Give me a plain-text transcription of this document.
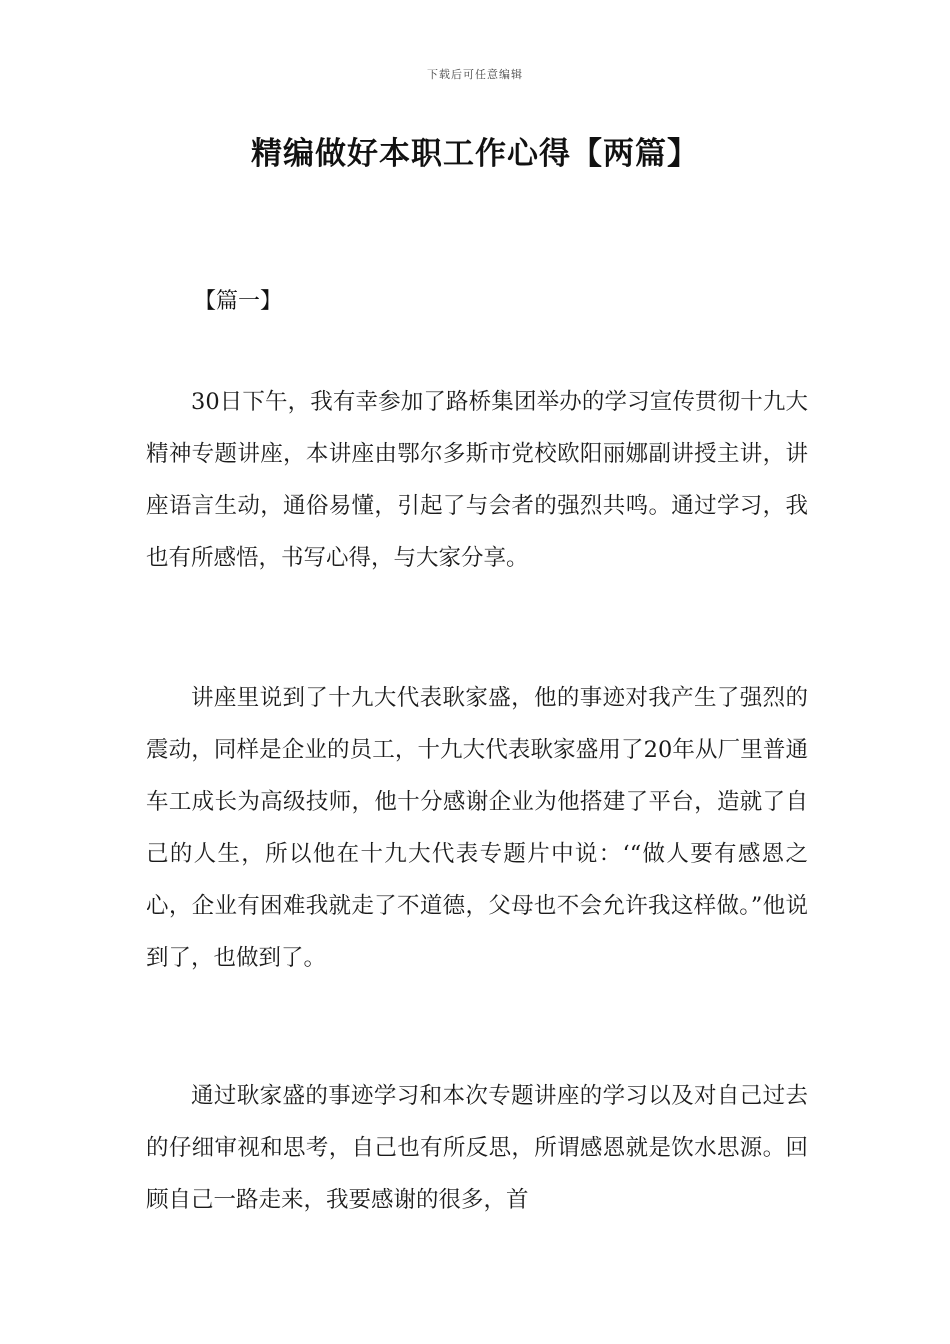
下载后可任意编辑
精编做好本职工作心得【两篇】
【篇一】

30日下午，我有幸参加了路桥集团举办的学习宣传贯彻十九大精神专题讲座，本讲座由鄂尔多斯市党校欧阳丽娜副讲授主讲，讲座语言生动，通俗易懂，引起了与会者的强烈共鸣。通过学习，我也有所感悟，书写心得，与大家分享。

讲座里说到了十九大代表耿家盛，他的事迹对我产生了强烈的震动，同样是企业的员工，十九大代表耿家盛用了20年从厂里普通车工成长为高级技师，他十分感谢企业为他搭建了平台，造就了自己的人生，所以他在十九大代表专题片中说：‘“做人要有感恩之心，企业有困难我就走了不道德，父母也不会允许我这样做。”他说到了，也做到了。

通过耿家盛的事迹学习和本次专题讲座的学习以及对自己过去的仔细审视和思考，自己也有所反思，所谓感恩就是饮水思源。回顾自己一路走来，我要感谢的很多，首
